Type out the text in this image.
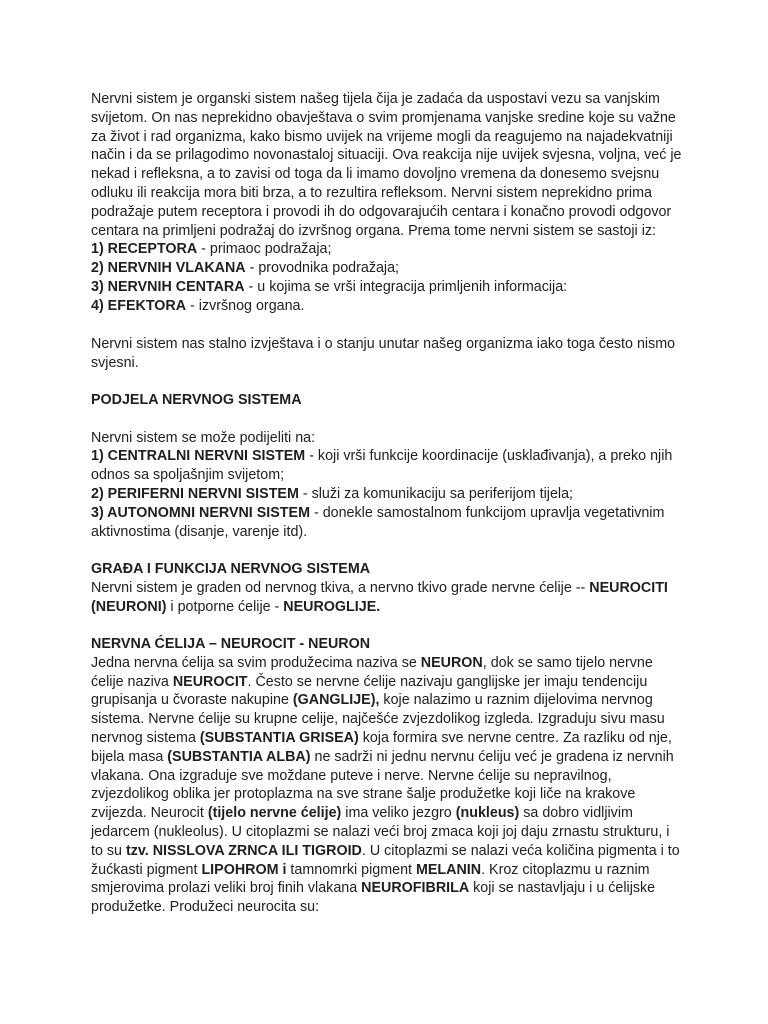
Nervni sistem je organski sistem našeg tijela čija je zadaća da uspostavi vezu sa vanjskim svijetom. On nas neprekidno obavještava o svim promjenama vanjske sredine koje su važne za život i rad organizma, kako bismo uvijek na vrijeme mogli da reagujemo na najadekvatniji način i da se prilagodimo novonastaloj situaciji. Ova reakcija nije uvijek svjesna, voljna, već je nekad i refleksna, a to zavisi od toga da li imamo dovoljno vremena da donesemo svejsnu odluku ili reakcija mora biti brza, a to rezultira refleksom. Nervni sistem neprekidno prima podražaje putem receptora i provodi ih do odgovarajućih centara i konačno provodi odgovor centara na primljeni podražaj do izvršnog organa. Prema tome nervni sistem se sastoji iz:

1) RECEPTORA - primaoc podražaja;

2) NERVNIH VLAKANA - provodnika podražaja;

3) NERVNIH CENTARA - u kojima se vrši integracija primljenih informacija:

4) EFEKTORA - izvršnog organa.

Nervni sistem nas stalno izvještava i o stanju unutar našeg organizma iako toga često nismo svjesni.

PODJELA NERVNOG SISTEMA

Nervni sistem se može podijeliti na:

1) CENTRALNI NERVNI SISTEM - koji vrši funkcije koordinacije (usklađivanja), a preko njih odnos sa spoljašnjim svijetom;

2) PERIFERNI NERVNI SISTEM - služi za komunikaciju sa periferijom tijela;

3) AUTONOMNI NERVNI SISTEM - donekle samostalnom funkcijom upravlja vegetativnim aktivnostima (disanje, varenje itd).

GRAĐA I FUNKCIJA NERVNOG SISTEMA

Nervni sistem je graden od nervnog tkiva, a nervno tkivo grade nervne ćelije -- NEUROCITI (NEURONI) i potporne ćelije - NEUROGLIJE.

NERVNA ĆELIJA – NEUROCIT - NEURON

Jedna nervna ćelija sa svim produžecima naziva se NEURON, dok se samo tijelo nervne ćelije naziva NEUROCIT. Često se nervne ćelije nazivaju ganglijske jer imaju tendenciju grupisanja u čvoraste nakupine (GANGLIJE), koje nalazimo u raznim dijelovima nervnog sistema. Nervne ćelije su krupne celije, najčešće zvjezdolikog izgleda. Izgraduju sivu masu nervnog sistema (SUBSTANTIA GRISEA) koja formira sve nervne centre. Za razliku od nje, bijela masa (SUBSTANTIA ALBA) ne sadrži ni jednu nervnu ćeliju već je gradena iz nervnih vlakana. Ona izgraduje sve moždane puteve i nerve. Nervne ćelije su nepravilnog, zvjezdolikog oblika jer protoplazma na sve strane šalje produžetke koji liče na krakove zvijezda. Neurocit (tijelo nervne ćelije) ima veliko jezgro (nukleus) sa dobro vidljivim jedarcem (nukleolus). U citoplazmi se nalazi veći broj zmaca koji joj daju zrnastu strukturu, i to su tzv. NISSLOVA ZRNCA ILI TIGROID. U citoplazmi se nalazi veća količina pigmenta i to žućkasti pigment LIPOHROM i tamnomrki pigment MELANIN. Kroz citoplazmu u raznim smjerovima prolazi veliki broj finih vlakana NEUROFIBRILA koji se nastavljaju i u ćelijske produžetke. Produžeci neurocita su:
